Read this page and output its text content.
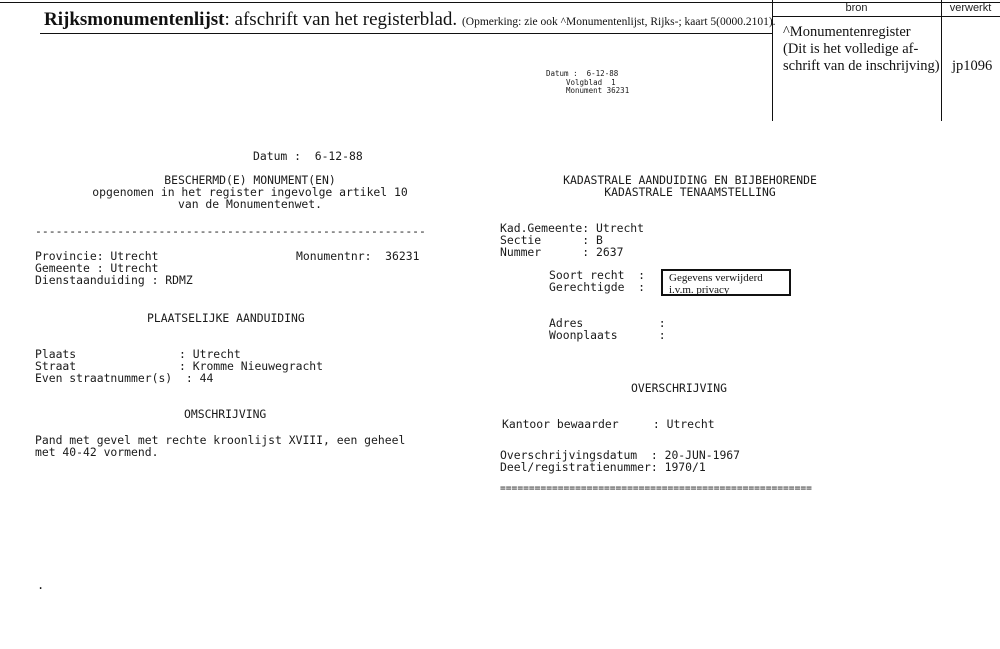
Rijksmonumentenlijst: afschrift van het registerblad. (Opmerking: zie ook ^Monumentenlijst, Rijks-; kaart 5(0000.2101).
bron	verwerkt
^Monumentenregister
(Dit is het volledige af-
schrift van de inschrijving) jp1096
Datum :  6-12-88
Volgblad  1
Monument 36231
Datum :  6-12-88
BESCHERMD(E) MONUMENT(EN)
opgenomen in het register ingevolge artikel 10
van de Monumentenwet.
---------------------------------------------------------
Provincie: Utrecht	Monumentnr:  36231
Gemeente : Utrecht
Dienstaanduiding : RDMZ
PLAATSELIJKE AANDUIDING
Plaats               : Utrecht
Straat               : Kromme Nieuwegracht
Even straatnummer(s)  : 44
OMSCHRIJVING
Pand met gevel met rechte kroonlijst XVIII, een geheel
met 40-42 vormend.
KADASTRALE AANDUIDING EN BIJBEHORENDE
KADASTRALE TENAAMSTELLING
Kad.Gemeente: Utrecht
Sectie      : B
Nummer      : 2637
Soort recht  :
Gerechtigde  :
Gegevens verwijderd i.v.m. privacy
Adres           :
Woonplaats      :
OVERSCHRIJVING
Kantoor bewaarder     : Utrecht
Overschrijvingsdatum  : 20-JUN-1967
Deel/registratienummer: 1970/1
======================================================
.
